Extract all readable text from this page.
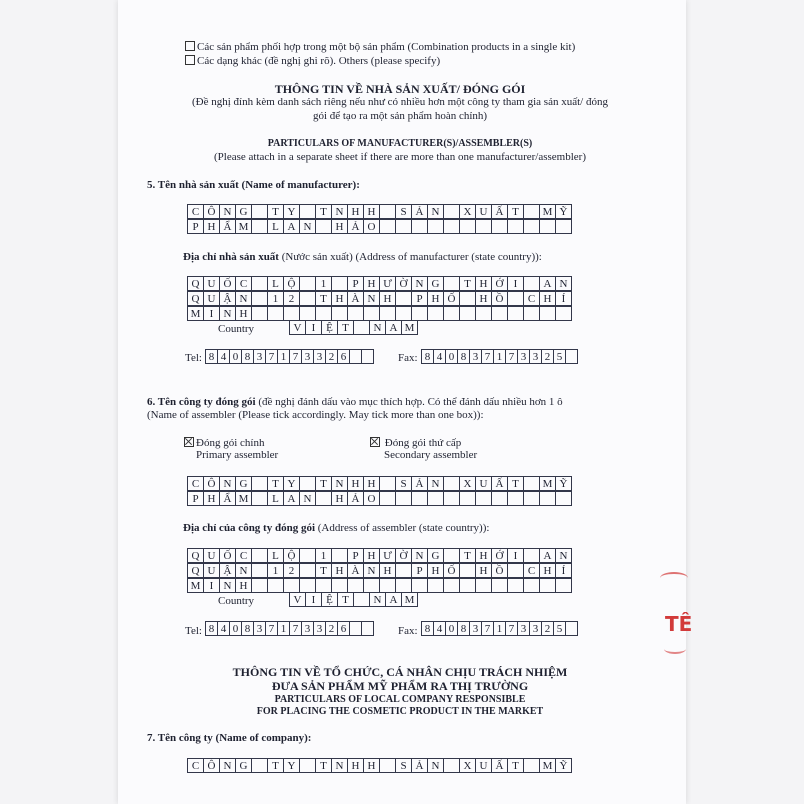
Các sản phẩm phối hợp trong một bộ sản phẩm (Combination products in a single kit)
Các dạng khác (đề nghị ghi rõ). Others (please specify)
THÔNG TIN VỀ NHÀ SẢN XUẤT/ ĐÓNG GÓI
(Đề nghị đính kèm danh sách riêng nếu như có nhiều hơn một công ty tham gia sản xuất/ đóng
gói để tạo ra một sản phẩm hoàn chỉnh)
PARTICULARS OF MANUFACTURER(S)/ASSEMBLER(S)
(Please attach in a separate sheet if there are more than one manufacturer/assembler)
5. Tên nhà sản xuất (Name of manufacturer):
C Ô N G	T Y	T N H H	S Ả N	X U Ấ T	M Ỹ
P H Ẩ M	L A N	H Ả O
Địa chỉ nhà sản xuất (Nước sản xuất) (Address of manufacturer (state country)):
Q U Ố C	L Ộ	1	P H Ư Ờ N G	T H Ớ I	A N
Q U Ậ N	1 2	T H À N H	P H Ố	H Ồ	C H Í
M I N H
Country	V I Ệ T	N A M
Tel: 8 4 0 8 3 7 1 7 3 3 2 6	Fax: 8 4 0 8 3 7 1 7 3 3 2 5
6. Tên công ty đóng gói (đề nghị đánh dấu vào mục thích hợp. Có thể đánh dấu nhiều hơn 1 ô
(Name of assembler (Please tick accordingly. May tick more than one box)):
Đóng gói chính
Primary assembler
Đóng gói thứ cấp
Secondary assembler
C Ô N G	T Y	T N H H	S Ả N	X U Ấ T	M Ỹ
P H Ẩ M	L A N	H Ả O
Địa chỉ của công ty đóng gói (Address of assembler (state country)):
Q U Ố C	L Ộ	1	P H Ư Ờ N G	T H Ớ I	A N
Q U Ậ N	1 2	T H À N H	P H Ố	H Ồ	C H Í
M I N H
Country	V I Ệ T	N A M
Tel: 8 4 0 8 3 7 1 7 3 3 2 6	Fax: 8 4 0 8 3 7 1 7 3 3 2 5
THÔNG TIN VỀ TỔ CHỨC, CÁ NHÂN CHỊU TRÁCH NHIỆM
ĐƯA SẢN PHẨM MỸ PHẨM RA THỊ TRƯỜNG
PARTICULARS OF LOCAL COMPANY RESPONSIBLE
FOR PLACING THE COSMETIC PRODUCT IN THE MARKET
7. Tên công ty (Name of company):
C Ô N G	T Y	T N H H	S Ả N	X U Ấ T	M Ỹ
TÊ
